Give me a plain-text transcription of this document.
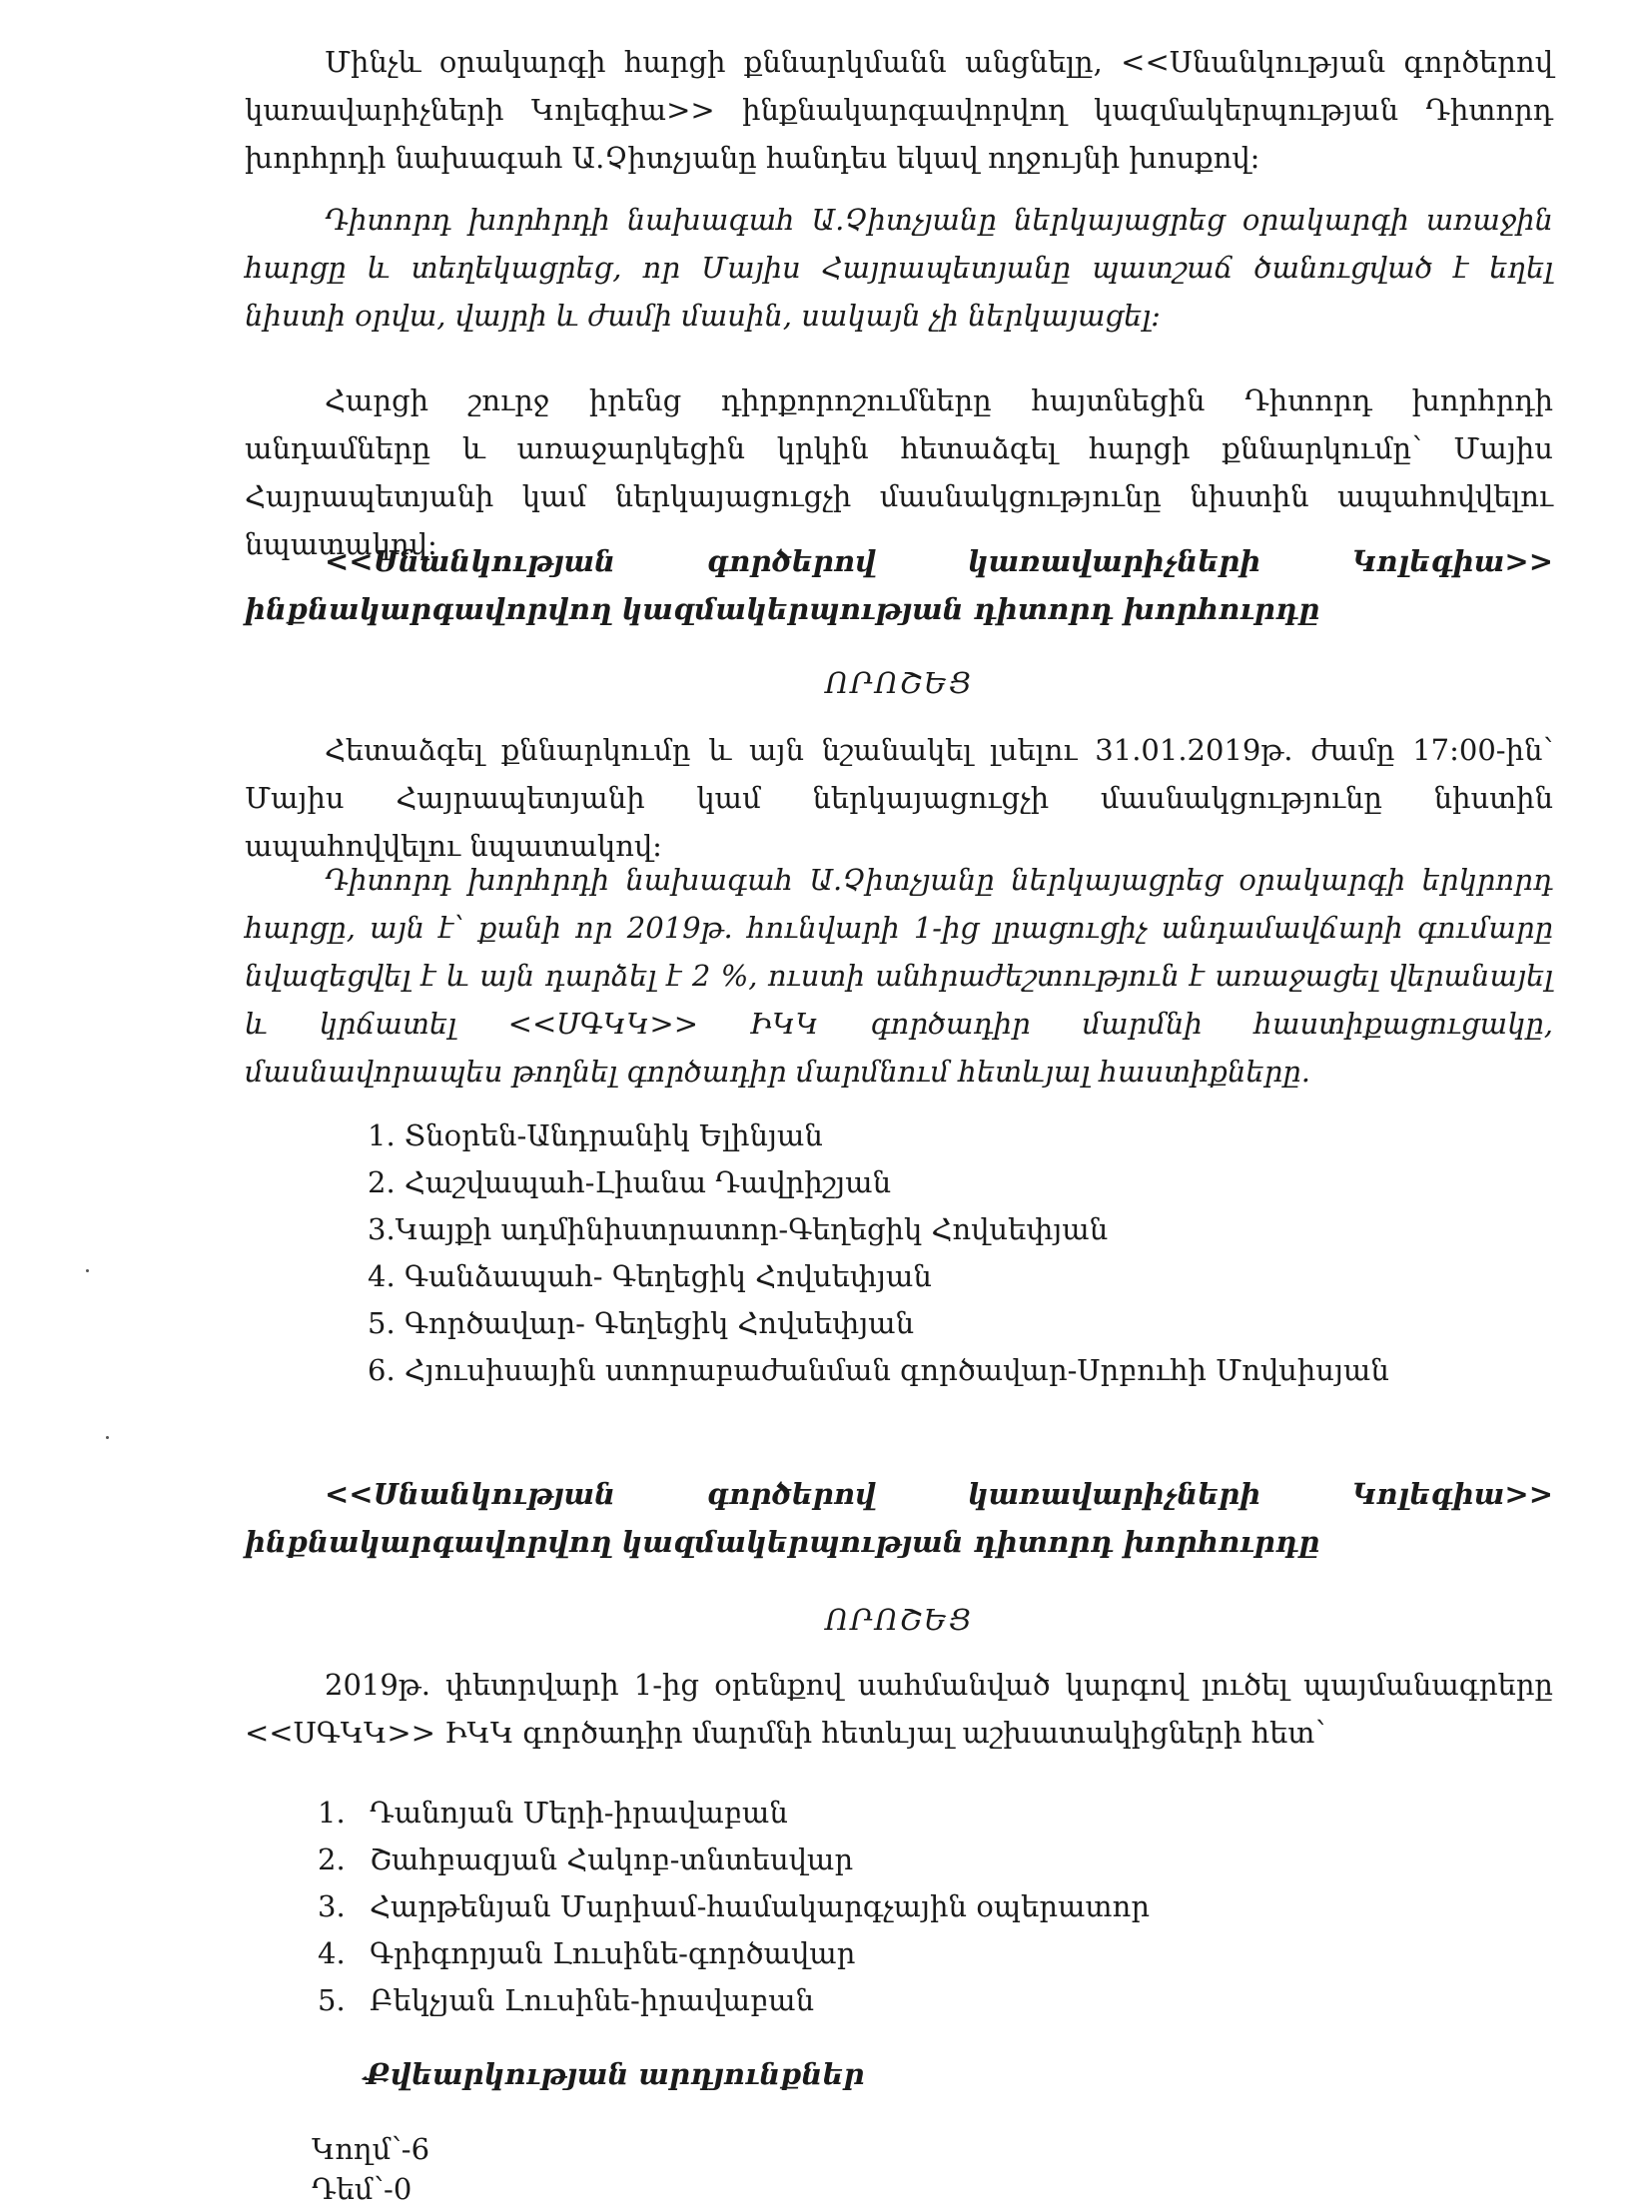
Մինչև օրակարգի հարցի քննարկմանն անցնելը, <<Սնանկության գործերով կառավարիչների Կոլեգիա>> ինքնակարգավորվող կազմակերպության Դիտորդ խորհրդի նախագահ Ա.Չիտչյանը հանդես եկավ ողջույնի խոսքով:

Դիտորդ խորհրդի նախագահ Ա.Չիտչյանը ներկայացրեց օրակարգի առաջին հարցը և տեղեկացրեց, որ Մայիս Հայրապետյանը պատշաճ ծանուցված է եղել նիստի օրվա, վայրի և ժամի մասին, սակայն չի ներկայացել:

Հարցի շուրջ իրենց դիրքորոշումները հայտնեցին Դիտորդ խորհրդի անդամները և առաջարկեցին կրկին հետաձգել հարցի քննարկումը՝ Մայիս Հայրապետյանի կամ ներկայացուցչի մասնակցությունը նիստին ապահովվելու նպատակով:

<<Սնանկության գործերով կառավարիչների Կոլեգիա>> ինքնակարգավորվող կազմակերպության դիտորդ խորհուրդը

ՈՐՈՇԵՑ

Հետաձգել քննարկումը և այն նշանակել լսելու 31.01.2019թ. ժամը 17:00-ին՝ Մայիս Հայրապետյանի կամ ներկայացուցչի մասնակցությունը նիստին ապահովվելու նպատակով:

Դիտորդ խորհրդի նախագահ Ա.Չիտչյանը ներկայացրեց օրակարգի երկրորդ հարցը, այն է՝ քանի որ 2019թ. հունվարի 1-ից լրացուցիչ անդամավճարի գումարը նվազեցվել է և այն դարձել է 2 %, ուստի անհրաժեշտություն է առաջացել վերանայել և կրճատել <<ՍԳԿԿ>> ԻԿԿ գործադիր մարմնի հաստիքացուցակը, մասնավորապես թողնել գործադիր մարմնում հետևյալ հաստիքները.

1. Տնօրեն-Անդրանիկ Ելինյան
2. Հաշվապահ-Լիանա Դավրիշյան
3.Կայքի ադմինիստրատոր-Գեղեցիկ Հովսեփյան
4. Գանձապահ- Գեղեցիկ Հովսեփյան
5. Գործավար- Գեղեցիկ Հովսեփյան
6. Հյուսիսային ստորաբաժանման գործավար-Սրբուհի Մովսիսյան

<<Սնանկության գործերով կառավարիչների Կոլեգիա>> ինքնակարգավորվող կազմակերպության դիտորդ խորհուրդը

ՈՐՈՇԵՑ

2019թ. փետրվարի 1-ից օրենքով սահմանված կարգով լուծել պայմանագրերը <<ՍԳԿԿ>> ԻԿԿ գործադիր մարմնի հետևյալ աշխատակիցների հետ՝

1. Դանոյան Մերի-իրավաբան
2. Շահբազյան Հակոբ-տնտեսվար
3. Հարթենյան Մարիամ-համակարգչային օպերատոր
4. Գրիգորյան Լուսինե-գործավար
5. Բեկչյան Լուսինե-իրավաբան
Քվեարկության արդյունքներ
Կողմ՝-6
Դեմ՝-0
